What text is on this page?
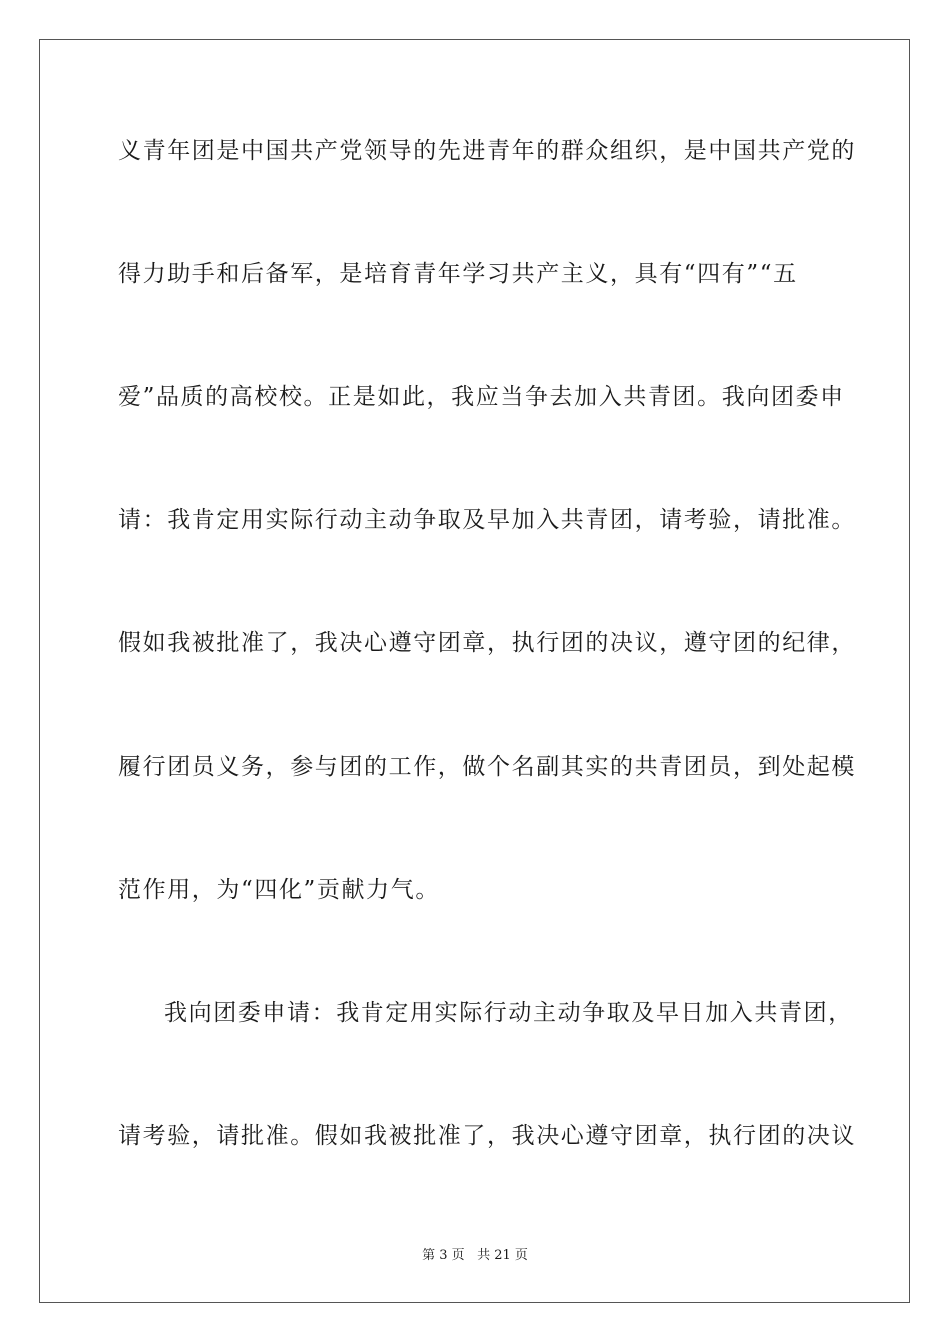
义青年团是中国共产党领导的先进青年的群众组织，是中国共产党的
得力助手和后备军，是培育青年学习共产主义，具有“四有”“五
爱”品质的高校校。正是如此，我应当争去加入共青团。我向团委申
请：我肯定用实际行动主动争取及早加入共青团，请考验，请批准。
假如我被批准了，我决心遵守团章，执行团的决议，遵守团的纪律，
履行团员义务，参与团的工作，做个名副其实的共青团员，到处起模
范作用，为“四化”贡献力气。
我向团委申请：我肯定用实际行动主动争取及早日加入共青团，
请考验，请批准。假如我被批准了，我决心遵守团章，执行团的决议
第 3 页 共 21 页
